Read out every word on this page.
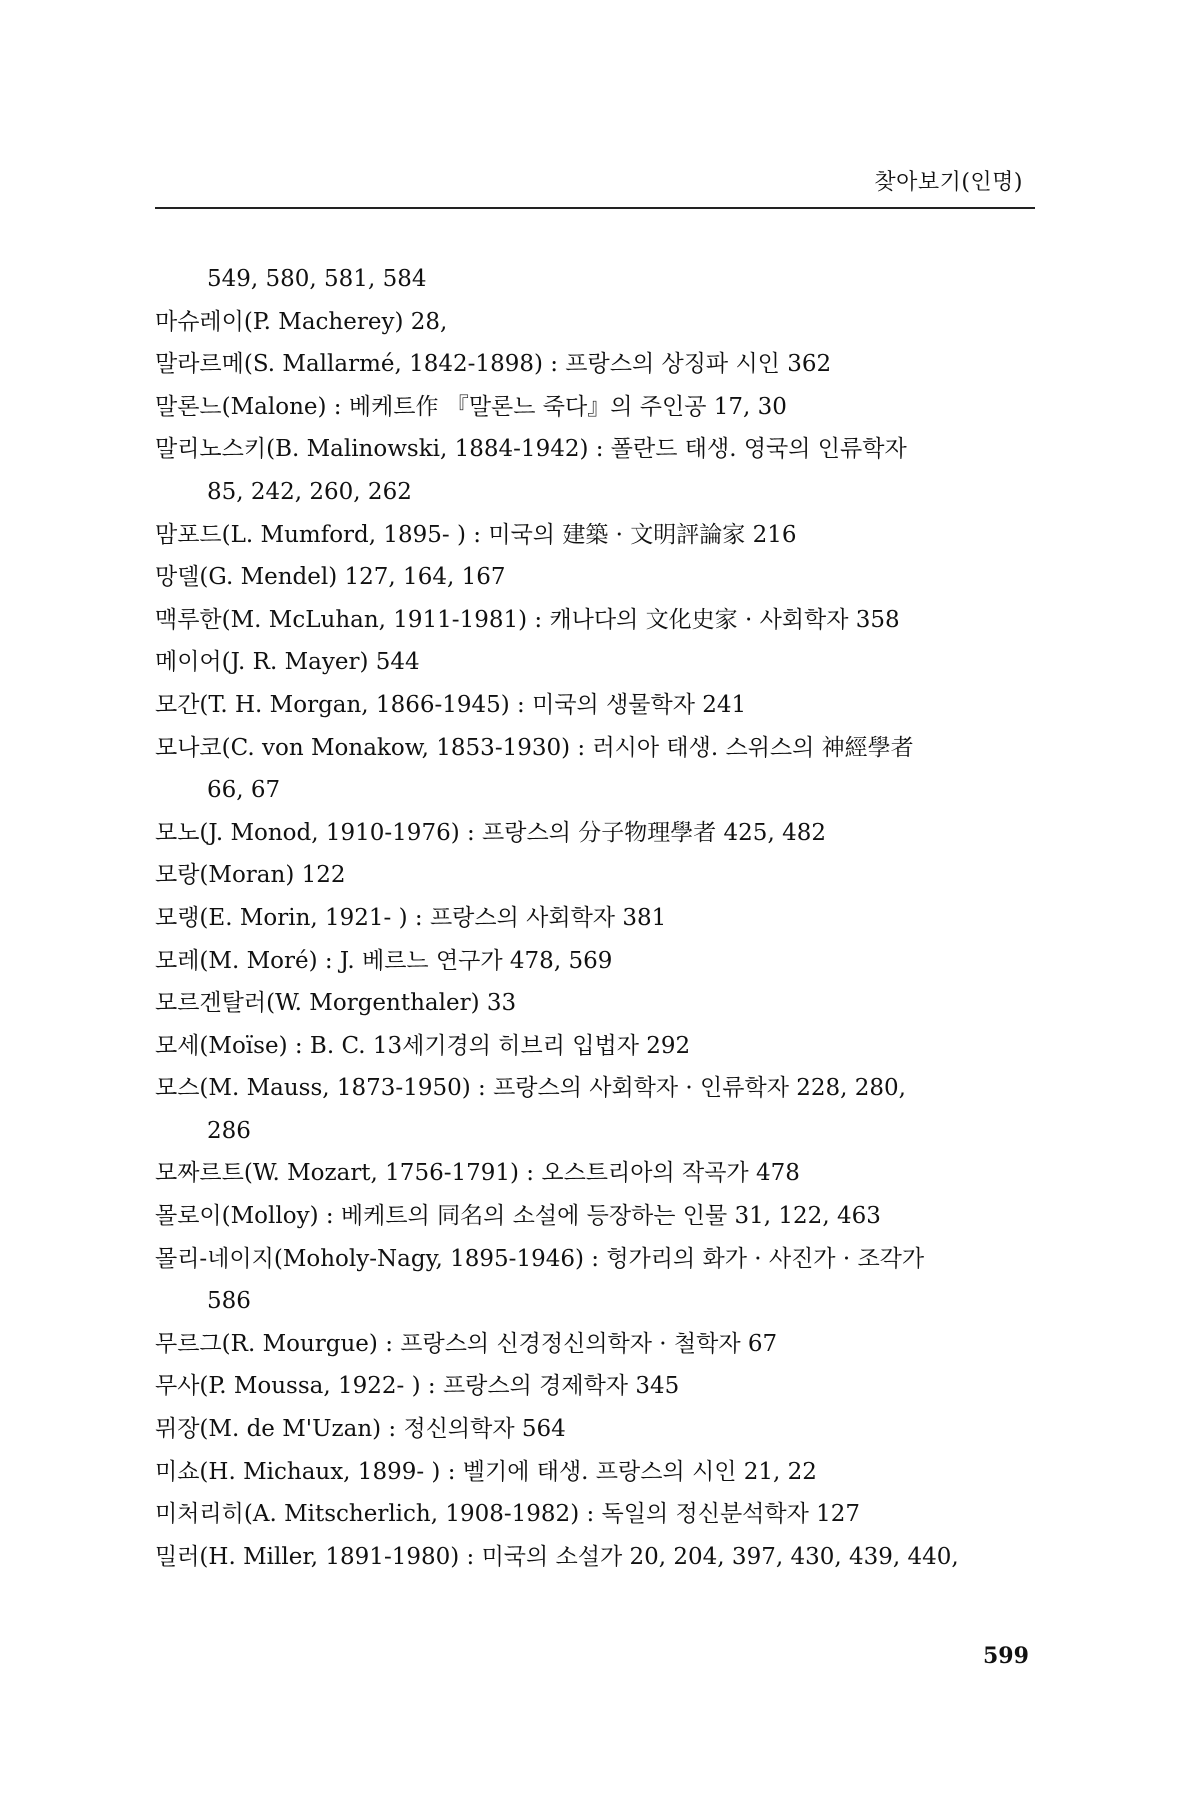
찾아보기(인명)
549, 580, 581, 584
마슈레이(P. Macherey) 28,
말라르메(S. Mallarmé, 1842-1898) : 프랑스의 상징파 시인 362
말론느(Malone) : 베케트作 『말론느 죽다』의 주인공 17, 30
말리노스키(B. Malinowski, 1884-1942) : 폴란드 태생. 영국의 인류학자
85, 242, 260, 262
맘포드(L. Mumford, 1895- ) : 미국의 建築 · 文明評論家 216
망델(G. Mendel) 127, 164, 167
맥루한(M. McLuhan, 1911-1981) : 캐나다의 文化史家 · 사회학자 358
메이어(J. R. Mayer) 544
모간(T. H. Morgan, 1866-1945) : 미국의 생물학자 241
모나코(C. von Monakow, 1853-1930) : 러시아 태생. 스위스의 神經學者
66, 67
모노(J. Monod, 1910-1976) : 프랑스의 分子物理學者 425, 482
모랑(Moran) 122
모랭(E. Morin, 1921- ) : 프랑스의 사회학자 381
모레(M. Moré) : J. 베르느 연구가 478, 569
모르겐탈러(W. Morgenthaler) 33
모세(Moïse) : B. C. 13세기경의 히브리 입법자 292
모스(M. Mauss, 1873-1950) : 프랑스의 사회학자 · 인류학자 228, 280,
286
모짜르트(W. Mozart, 1756-1791) : 오스트리아의 작곡가 478
몰로이(Molloy) : 베케트의 同名의 소설에 등장하는 인물 31, 122, 463
몰리-네이지(Moholy-Nagy, 1895-1946) : 헝가리의 화가 · 사진가 · 조각가
586
무르그(R. Mourgue) : 프랑스의 신경정신의학자 · 철학자 67
무사(P. Moussa, 1922- ) : 프랑스의 경제학자 345
뮈장(M. de M'Uzan) : 정신의학자 564
미쇼(H. Michaux, 1899- ) : 벨기에 태생. 프랑스의 시인 21, 22
미처리히(A. Mitscherlich, 1908-1982) : 독일의 정신분석학자 127
밀러(H. Miller, 1891-1980) : 미국의 소설가 20, 204, 397, 430, 439, 440,
599
